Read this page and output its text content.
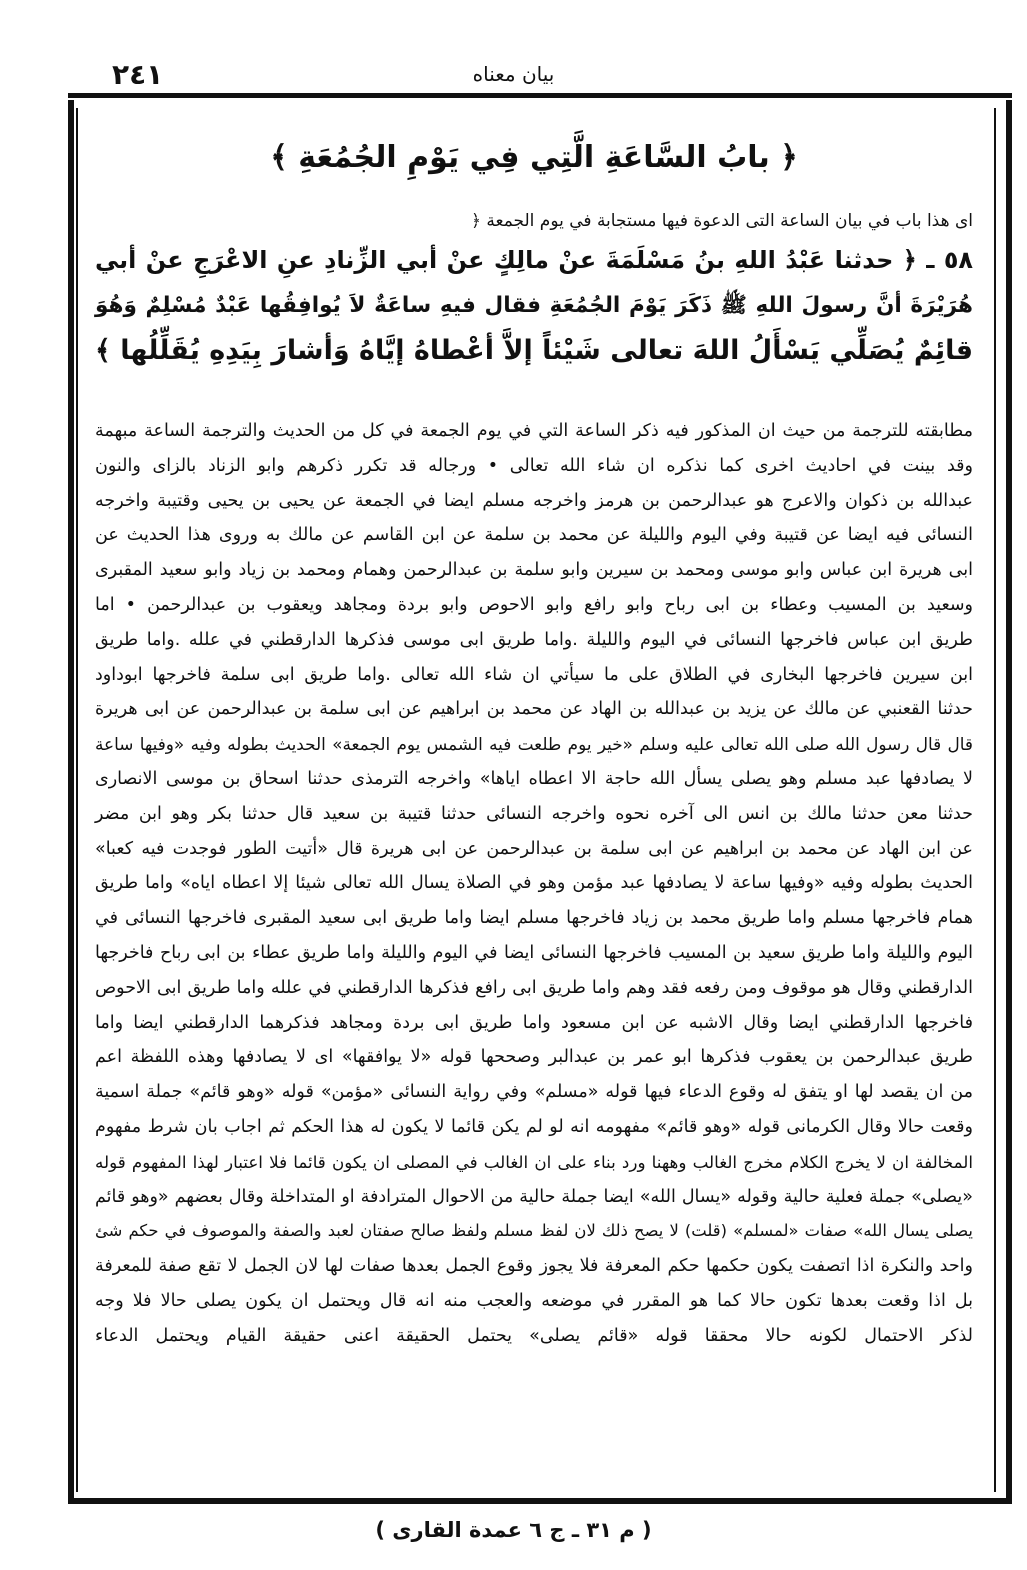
٢٤١	بيان معناه
﴿ بابُ السَّاعَةِ الَّتِي فِي يَوْمِ الجُمُعَةِ ﴾
اى هذا باب في بيان الساعة التى الدعوة فيها مستجابة في يوم الجمعة ﴿
٥٨ ـ ﴿ حدثنا عَبْدُ اللهِ بنُ مَسْلَمَةَ عنْ مالِكٍ عنْ أبي الزِّنادِ عنِ الاعْرَجِ عنْ أبي
هُرَيْرَةَ أنَّ رسولَ اللهِ ﷺ ذَكَرَ يَوْمَ الجُمُعَةِ فقال فيهِ ساعَةٌ لاَ يُوافِقُها عَبْدٌ مُسْلِمٌ وَهُوَ
قائِمٌ يُصَلِّي يَسْأَلُ اللهَ تعالى شَيْئاً إلاَّ أعْطاهُ إيَّاهُ وَأشارَ بِيَدِهِ يُقَلِّلُها ﴾
مطابقته للترجمة من حيث ان المذكور فيه ذكر الساعة التي في يوم الجمعة في كل من الحديث والترجمة الساعة مبهمة
وقد بينت في احاديث اخرى كما نذكره ان شاء الله تعالى • ورجاله قد تكرر ذكرهم وابو الزناد بالزاى والنون
عبدالله بن ذكوان والاعرج هو عبدالرحمن بن هرمز واخرجه مسلم ايضا في الجمعة عن يحيى بن يحيى وقتيبة واخرجه
النسائى فيه ايضا عن قتيبة وفي اليوم والليلة عن محمد بن سلمة عن ابن القاسم عن مالك به وروى هذا الحديث عن
ابى هريرة ابن عباس وابو موسى ومحمد بن سيرين وابو سلمة بن عبدالرحمن وهمام ومحمد بن زياد وابو سعيد المقبرى
وسعيد بن المسيب وعطاء بن ابى رباح وابو رافع وابو الاحوص وابو بردة ومجاهد ويعقوب بن عبدالرحمن • اما
طريق ابن عباس فاخرجها النسائى في اليوم والليلة .واما طريق ابى موسى فذكرها الدارقطني في علله .واما طريق
ابن سيرين فاخرجها البخارى في الطلاق على ما سيأتي ان شاء الله تعالى .واما طريق ابى سلمة فاخرجها ابوداود
حدثنا القعنبي عن مالك عن يزيد بن عبدالله بن الهاد عن محمد بن ابراهيم عن ابى سلمة بن عبدالرحمن عن ابى هريرة
قال قال رسول الله صلى الله تعالى عليه وسلم «خير يوم طلعت فيه الشمس يوم الجمعة» الحديث بطوله وفيه «وفيها ساعة
لا يصادفها عبد مسلم وهو يصلى يسأل الله حاجة الا اعطاه اياها» واخرجه الترمذى حدثنا اسحاق بن موسى الانصارى
حدثنا معن حدثنا مالك بن انس الى آخره نحوه واخرجه النسائى حدثنا قتيبة بن سعيد قال حدثنا بكر وهو ابن مضر
عن ابن الهاد عن محمد بن ابراهيم عن ابى سلمة بن عبدالرحمن عن ابى هريرة قال «أتيت الطور فوجدت فيه كعبا»
الحديث بطوله وفيه «وفيها ساعة لا يصادفها عبد مؤمن وهو في الصلاة يسال الله تعالى شيئا إلا اعطاه اياه» واما طريق
همام فاخرجها مسلم واما طريق محمد بن زياد فاخرجها مسلم ايضا واما طريق ابى سعيد المقبرى فاخرجها النسائى في
اليوم والليلة واما طريق سعيد بن المسيب فاخرجها النسائى ايضا في اليوم والليلة واما طريق عطاء بن ابى رباح فاخرجها
الدارقطني وقال هو موقوف ومن رفعه فقد وهم واما طريق ابى رافع فذكرها الدارقطني في علله واما طريق ابى الاحوص
فاخرجها الدارقطني ايضا وقال الاشبه عن ابن مسعود واما طريق ابى بردة ومجاهد فذكرهما الدارقطني ايضا واما
طريق عبدالرحمن بن يعقوب فذكرها ابو عمر بن عبدالبر وصححها قوله «لا يوافقها» اى لا يصادفها وهذه اللفظة اعم
من ان يقصد لها او يتفق له وقوع الدعاء فيها قوله «مسلم» وفي رواية النسائى «مؤمن» قوله «وهو قائم» جملة اسمية
وقعت حالا وقال الكرمانى قوله «وهو قائم» مفهومه انه لو لم يكن قائما لا يكون له هذا الحكم ثم اجاب بان شرط مفهوم
المخالفة ان لا يخرج الكلام مخرج الغالب وههنا ورد بناء على ان الغالب في المصلى ان يكون قائما فلا اعتبار لهذا المفهوم قوله
«يصلى» جملة فعلية حالية وقوله «يسال الله» ايضا جملة حالية من الاحوال المترادفة او المتداخلة وقال بعضهم «وهو قائم
يصلى يسال الله» صفات «لمسلم» (قلت) لا يصح ذلك لان لفظ مسلم ولفظ صالح صفتان لعبد والصفة والموصوف في حكم شئ
واحد والنكرة اذا اتصفت يكون حكمها حكم المعرفة فلا يجوز وقوع الجمل بعدها صفات لها لان الجمل لا تقع صفة للمعرفة
بل اذا وقعت بعدها تكون حالا كما هو المقرر في موضعه والعجب منه انه قال ويحتمل ان يكون يصلى حالا فلا وجه
لذكر الاحتمال لكونه حالا محققا قوله «قائم يصلى» يحتمل الحقيقة اعنى حقيقة القيام ويحتمل الدعاء
( م ٣١ ـ ج ٦ عمدة القارى )
